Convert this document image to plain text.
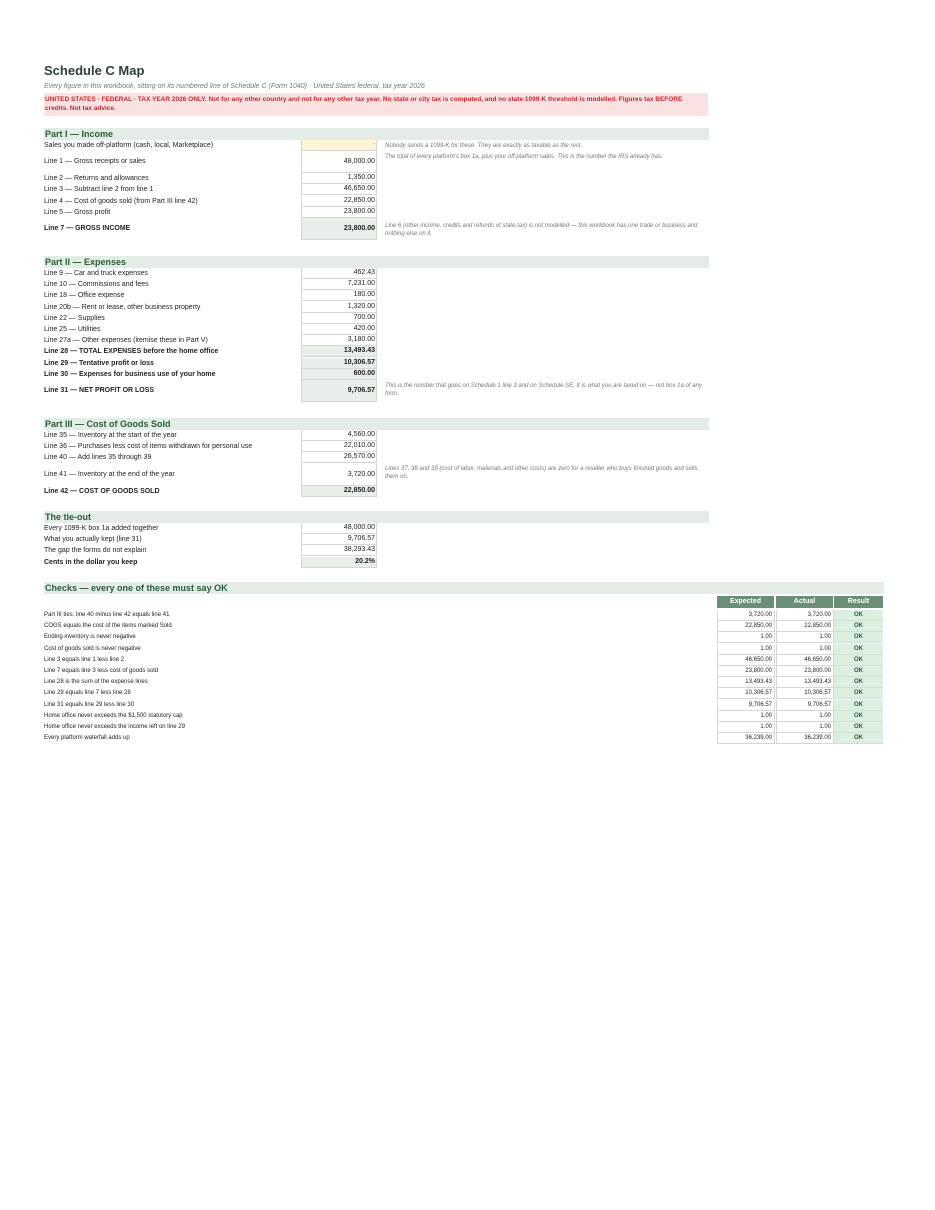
Schedule C Map
Every figure in this workbook, sitting on its numbered line of Schedule C (Form 1040) · United States federal, tax year 2026
UNITED STATES · FEDERAL · TAX YEAR 2026 ONLY. Not for any other country and not for any other tax year. No state or city tax is computed, and no state 1099-K threshold is modelled. Figures tax BEFORE credits. Not tax advice.
Part I — Income
Sales you made off-platform (cash, local, Marketplace)	-
Line 1 — Gross receipts or sales	48,000.00
Line 2 — Returns and allowances	1,350.00
Line 3 — Subtract line 2 from line 1	46,650.00
Line 4 — Cost of goods sold (from Part III line 42)	22,850.00
Line 5 — Gross profit	23,800.00
Line 7 — GROSS INCOME	23,800.00
Nobody sends a 1099-K for these. They are exactly as taxable as the rest.
The total of every platform's box 1a, plus your off-platform sales. This is the number the IRS already has.
Line 6 (other income, credits and refunds of state tax) is not modelled — this workbook has one trade or business and nothing else on it.
Part II — Expenses
Line 9 — Car and truck expenses	462.43
Line 10 — Commissions and fees	7,231.00
Line 18 — Office expense	180.00
Line 20b — Rent or lease, other business property	1,320.00
Line 22 — Supplies	700.00
Line 25 — Utilities	420.00
Line 27a — Other expenses (itemise these in Part V)	3,180.00
Line 28 — TOTAL EXPENSES before the home office	13,493.43
Line 29 — Tentative profit or loss	10,306.57
Line 30 — Expenses for business use of your home	600.00
Line 31 — NET PROFIT OR LOSS	9,706.57
This is the number that goes on Schedule 1 line 3 and on Schedule SE. It is what you are taxed on — not box 1a of any form.
Part III — Cost of Goods Sold
Line 35 — Inventory at the start of the year	4,560.00
Line 36 — Purchases less cost of items withdrawn for personal use	22,010.00
Line 40 — Add lines 35 through 39	26,570.00
Line 41 — Inventory at the end of the year	3,720.00
Line 42 — COST OF GOODS SOLD	22,850.00
Lines 37, 38 and 39 (cost of labor, materials and other costs) are zero for a reseller who buys finished goods and sells them on.
The tie-out
Every 1099-K box 1a added together	48,000.00
What you actually kept (line 31)	9,706.57
The gap the forms do not explain	38,293.43
Cents in the dollar you keep	20.2%
Checks — every one of these must say OK
Expected	Actual	Result
Part III ties: line 40 minus line 42 equals line 41	3,720.00	3,720.00	OK
COGS equals the cost of the items marked Sold	22,850.00	22,850.00	OK
Ending inventory is never negative	1.00	1.00	OK
Cost of goods sold is never negative	1.00	1.00	OK
Line 3 equals line 1 less line 2	46,650.00	46,650.00	OK
Line 7 equals line 3 less cost of goods sold	23,800.00	23,800.00	OK
Line 28 is the sum of the expense lines	13,493.43	13,493.43	OK
Line 29 equals line 7 less line 28	10,306.57	10,306.57	OK
Line 31 equals line 29 less line 30	9,706.57	9,706.57	OK
Home office never exceeds the $1,500 statutory cap	1.00	1.00	OK
Home office never exceeds the income left on line 29	1.00	1.00	OK
Every platform waterfall adds up	36,239.00	36,239.00	OK
